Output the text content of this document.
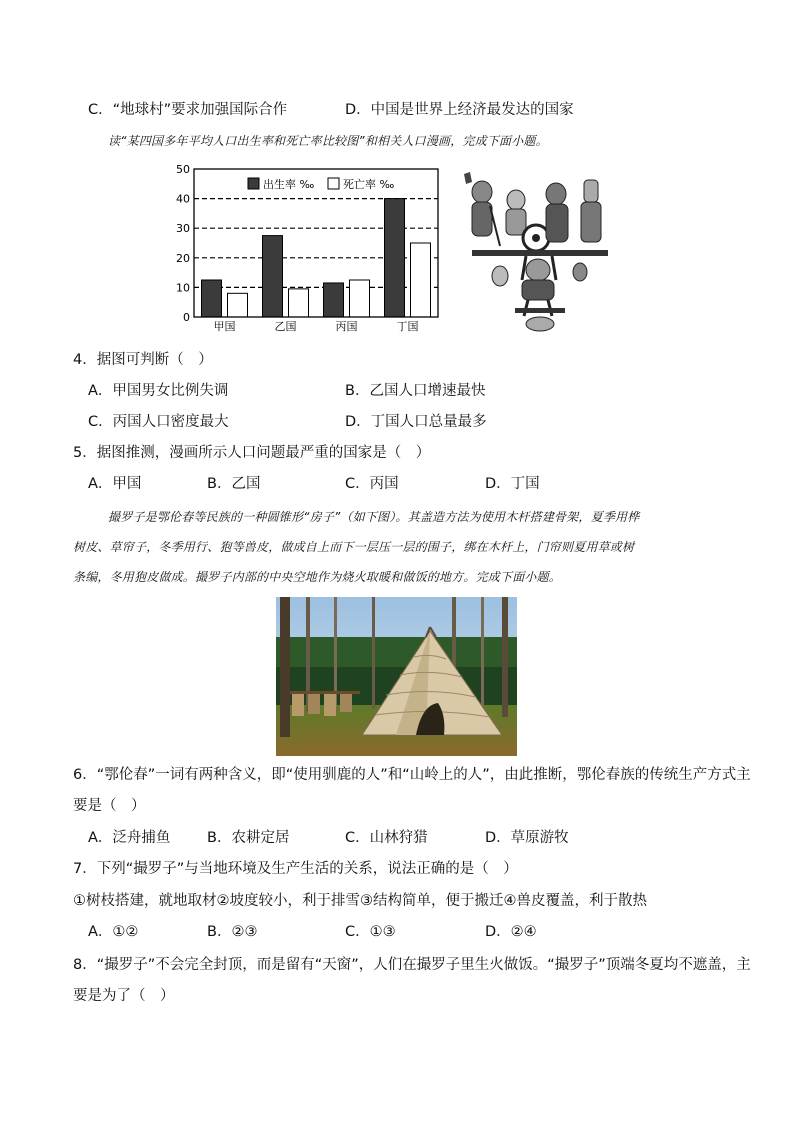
C．“地球村”要求加强国际合作	D．中国是世界上经济最发达的国家
读“某四国多年平均人口出生率和死亡率比较图”和相关人口漫画，完成下面小题。
0
10
20
30
40
50
甲国	乙国	丙国	丁国
出生率 ‰	死亡率 ‰
4．据图可判断（　）
A．甲国男女比例失调	B．乙国人口增速最快
C．丙国人口密度最大	D．丁国人口总量最多
5．据图推测，漫画所示人口问题最严重的国家是（　）
A．甲国	B．乙国	C．丙国	D．丁国
撮罗子是鄂伦春等民族的一种圆锥形“房子”（如下图）。其盖造方法为使用木杆搭建骨架，夏季用桦
树皮、草帘子，冬季用行、狍等兽皮，做成自上而下一层压一层的围子，绑在木杆上，门帘则夏用草或树
条编，冬用狍皮做成。撮罗子内部的中央空地作为烧火取暖和做饭的地方。完成下面小题。
6．“鄂伦春”一词有两种含义，即“使用驯鹿的人”和“山岭上的人”，由此推断，鄂伦春族的传统生产方式主
要是（　）
A．泛舟捕鱼	B．农耕定居	C．山林狩猎	D．草原游牧
7．下列“撮罗子”与当地环境及生产生活的关系，说法正确的是（　）
①树枝搭建，就地取材②坡度较小，利于排雪③结构简单，便于搬迁④兽皮覆盖，利于散热
A．①②	B．②③	C．①③	D．②④
8．“撮罗子”不会完全封顶，而是留有“天窗”，人们在撮罗子里生火做饭。“撮罗子”顶端冬夏均不遮盖，主
要是为了（　）
